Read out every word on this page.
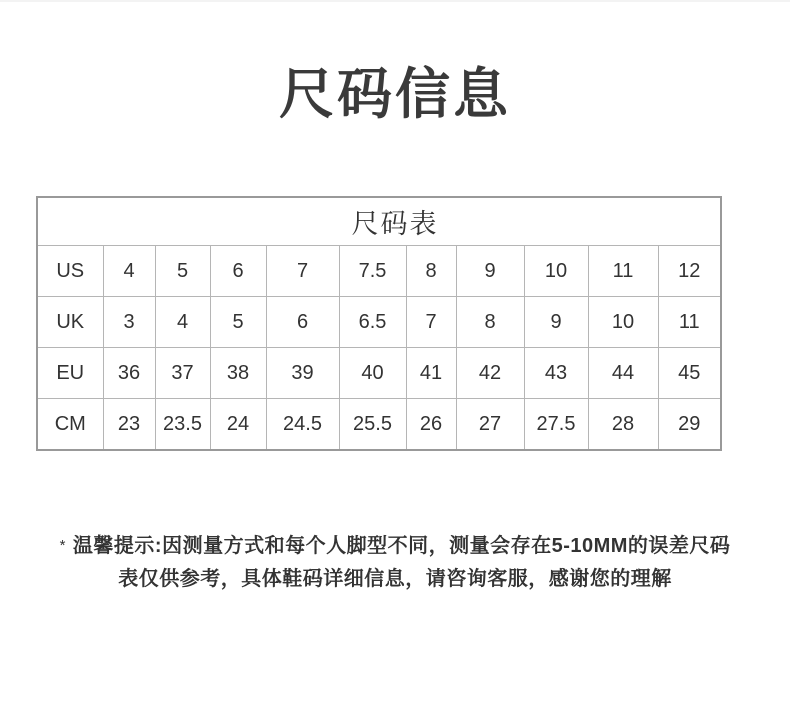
尺码信息
尺码表										
US	4	5	6	7	7.5	8	9	10	11	12
UK	3	4	5	6	6.5	7	8	9	10	11
EU	36	37	38	39	40	41	42	43	44	45
CM	23	23.5	24	24.5	25.5	26	27	27.5	28	29
* 温馨提示:因测量方式和每个人脚型不同，测量会存在5-10MM的误差尺码
表仅供参考，具体鞋码详细信息，请咨询客服，感谢您的理解
